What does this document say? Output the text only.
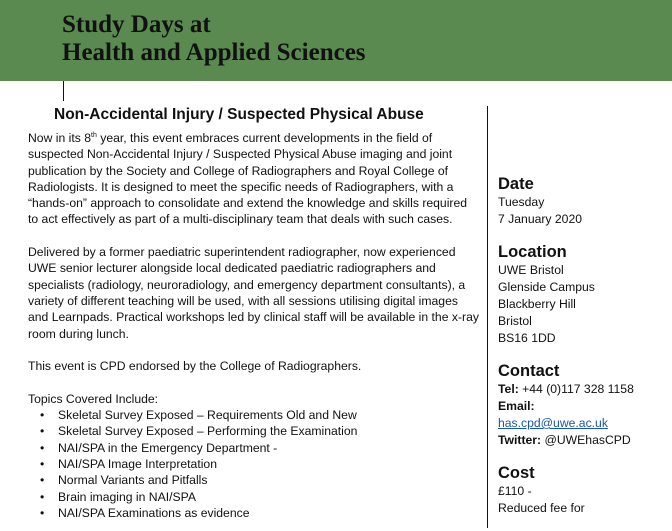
Study Days at
Health and Applied Sciences
Non-Accidental Injury / Suspected Physical Abuse

Now in its 8th year, this event embraces current developments in the field of suspected Non-Accidental Injury / Suspected Physical Abuse imaging and joint publication by the Society and College of Radiographers and Royal College of Radiologists. It is designed to meet the specific needs of Radiographers, with a “hands-on” approach to consolidate and extend the knowledge and skills required to act effectively as part of a multi-disciplinary team that deals with such cases.

Delivered by a former paediatric superintendent radiographer, now experienced UWE senior lecturer alongside local dedicated paediatric radiographers and specialists (radiology, neuroradiology, and emergency department consultants), a variety of different teaching will be used, with all sessions utilising digital images and Learnpads. Practical workshops led by clinical staff will be available in the x-ray room during lunch.

This event is CPD endorsed by the College of Radiographers.

Topics Covered Include:
• Skeletal Survey Exposed – Requirements Old and New
• Skeletal Survey Exposed – Performing the Examination
• NAI/SPA in the Emergency Department -
• NAI/SPA Image Interpretation
• Normal Variants and Pitfalls
• Brain imaging in NAI/SPA
• NAI/SPA Examinations as evidence
Date
Tuesday
7 January 2020
Location
UWE Bristol
Glenside Campus
Blackberry Hill
Bristol
BS16 1DD
Contact
Tel: +44 (0)117 328 1158
Email:
has.cpd@uwe.ac.uk
Twitter: @UWEhasCPD
Cost
£110 -
Reduced fee for
